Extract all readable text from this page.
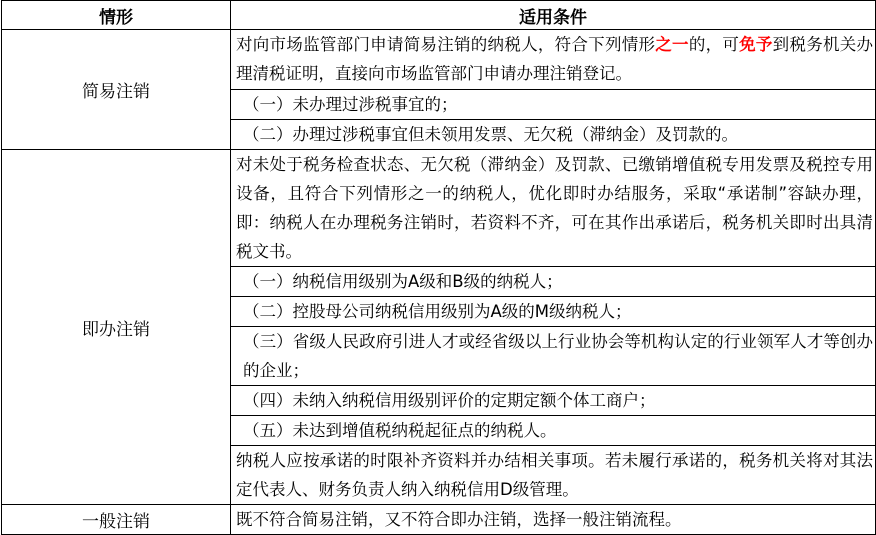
情形	适用条件
简易注销	对向市场监管部门申请简易注销的纳税人，符合下列情形之一的，可免予到税务机关办理清税证明，直接向市场监管部门申请办理注销登记。
	（一）未办理过涉税事宜的；
	（二）办理过涉税事宜但未领用发票、无欠税（滞纳金）及罚款的。
即办注销	对未处于税务检查状态、无欠税（滞纳金）及罚款、已缴销增值税专用发票及税控专用设备，且符合下列情形之一的纳税人，优化即时办结服务，采取“承诺制”容缺办理，即：纳税人在办理税务注销时，若资料不齐，可在其作出承诺后，税务机关即时出具清税文书。
	（一）纳税信用级别为A级和B级的纳税人；
	（二）控股母公司纳税信用级别为A级的M级纳税人；
	（三）省级人民政府引进人才或经省级以上行业协会等机构认定的行业领军人才等创办的企业；
	（四）未纳入纳税信用级别评价的定期定额个体工商户；
	（五）未达到增值税纳税起征点的纳税人。
	纳税人应按承诺的时限补齐资料并办结相关事项。若未履行承诺的，税务机关将对其法定代表人、财务负责人纳入纳税信用D级管理。
一般注销	既不符合简易注销，又不符合即办注销，选择一般注销流程。
